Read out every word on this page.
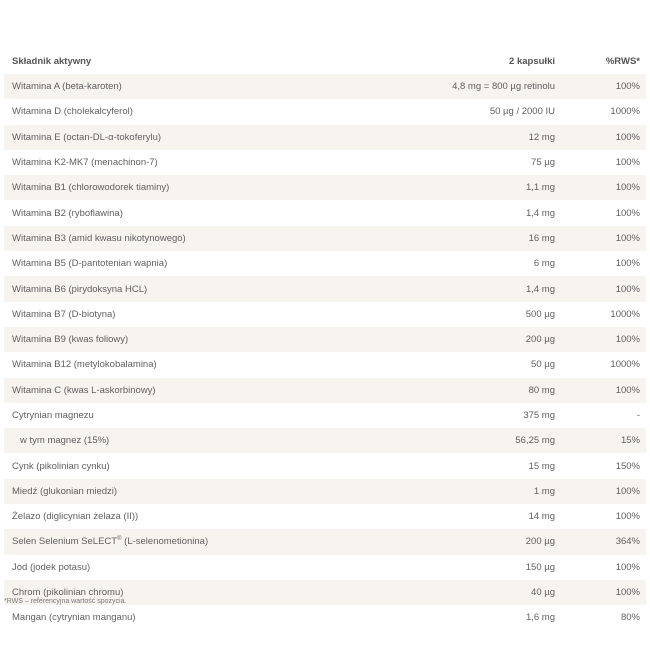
Składnik aktywny	2 kapsułki	%RWS*
Witamina A (beta-karoten)	4,8 mg = 800 µg retinolu	100%
Witamina D (cholekalcyferol)	50 µg / 2000 IU	1000%
Witamina E (octan-DL-α-tokoferylu)	12 mg	100%
Witamina K2-MK7 (menachinon-7)	75 µg	100%
Witamina B1 (chlorowodorek tiaminy)	1,1 mg	100%
Witamina B2 (ryboflawina)	1,4 mg	100%
Witamina B3 (amid kwasu nikotynowego)	16 mg	100%
Witamina B5 (D-pantotenian wapnia)	6 mg	100%
Witamina B6 (pirydoksyna HCL)	1,4 mg	100%
Witamina B7 (D-biotyna)	500 µg	1000%
Witamina B9 (kwas foliowy)	200 µg	100%
Witamina B12 (metylokobalamina)	50 µg	1000%
Witamina C (kwas L-askorbinowy)	80 mg	100%
Cytrynian magnezu	375 mg	-
w tym magnez (15%)	56,25 mg	15%
Cynk (pikolinian cynku)	15 mg	150%
Miedź (glukonian miedzi)	1 mg	100%
Żelazo (diglicynian żelaza (II))	14 mg	100%
Selen Selenium SeLECT® (L-selenometionina)	200 µg	364%
Jod (jodek potasu)	150 µg	100%
Chrom (pikolinian chromu)	40 µg	100%
Mangan (cytrynian manganu)	1,6 mg	80%
*RWS – referencyjna wartość spożycia.
